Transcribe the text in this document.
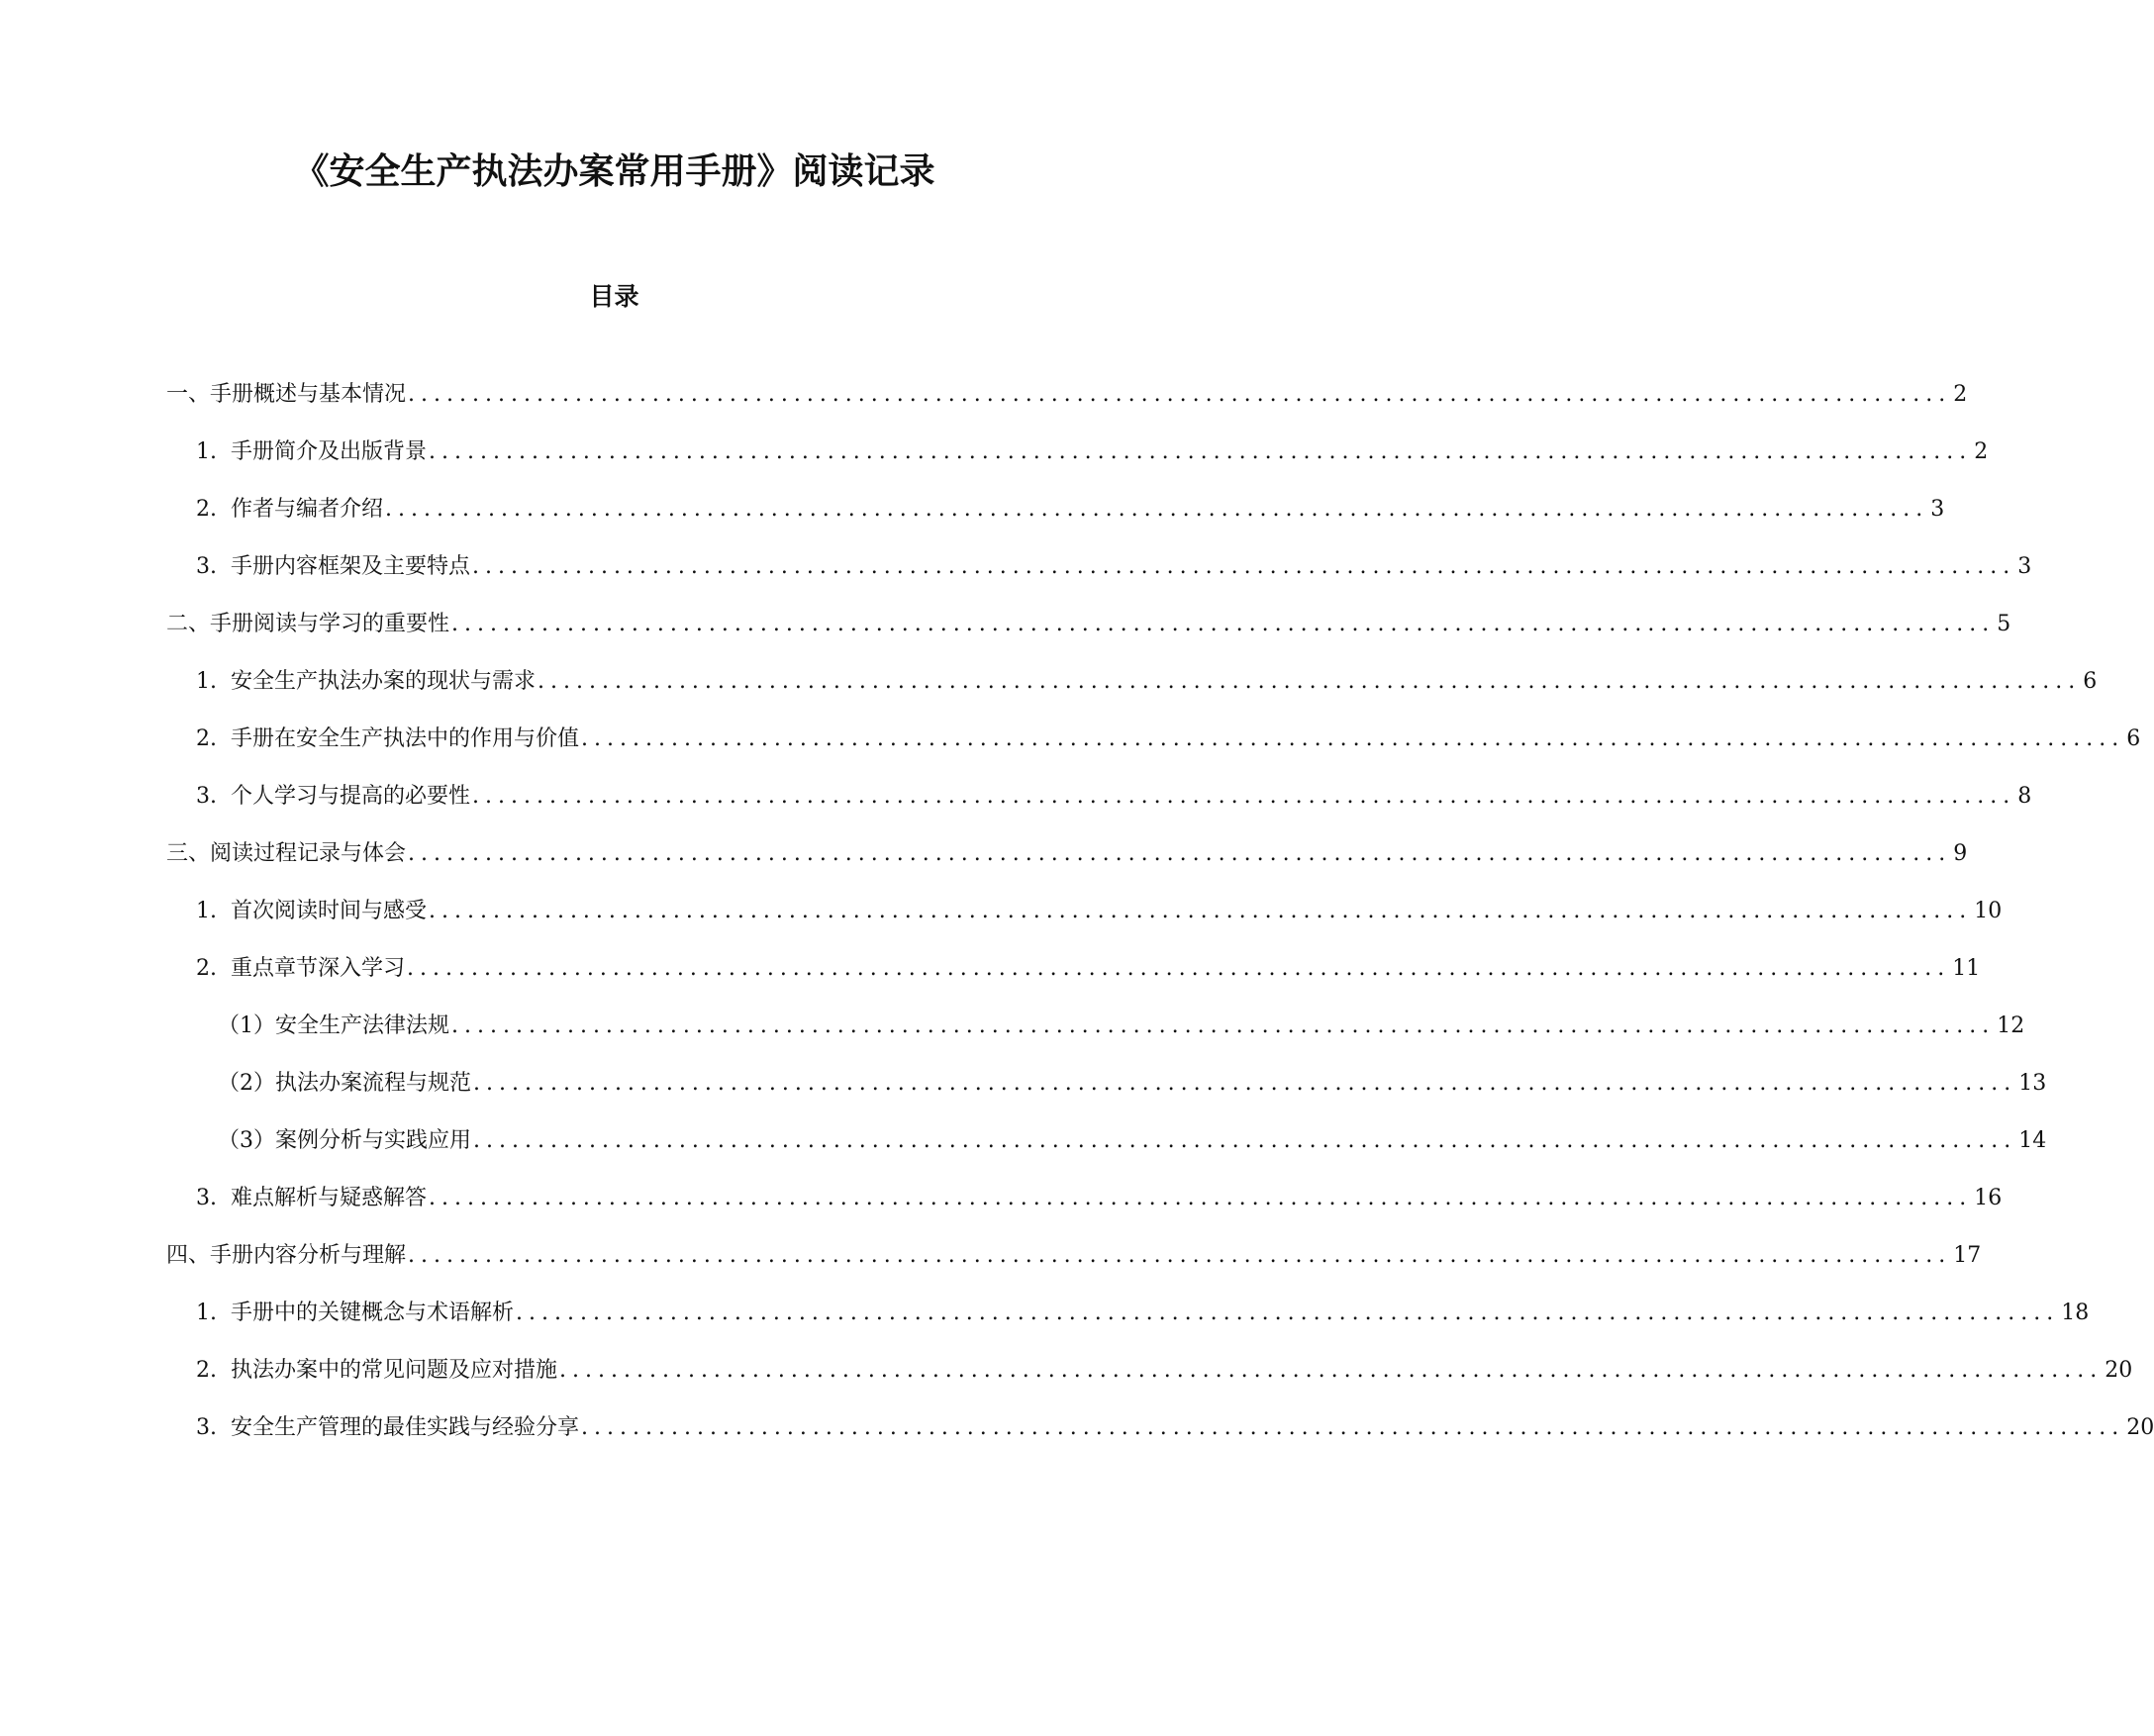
《安全生产执法办案常用手册》阅读记录
目录
一、 手册概述与基本情况 ........................................................................................................................ 2
1. 手册简介及出版背景 ........................................................................................................................ 2
2. 作者与编者介绍 ........................................................................................................................ 3
3. 手册内容框架及主要特点 ........................................................................................................................ 3
二、 手册阅读与学习的重要性 ........................................................................................................................ 5
1. 安全生产执法办案的现状与需求 ........................................................................................................................ 6
2. 手册在安全生产执法中的作用与价值 ........................................................................................................................ 6
3. 个人学习与提高的必要性 ........................................................................................................................ 8
三、 阅读过程记录与体会 ........................................................................................................................ 9
1. 首次阅读时间与感受 ........................................................................................................................ 10
2. 重点章节深入学习 ........................................................................................................................ 11
（1） 安全生产法律法规 ........................................................................................................................ 12
（2） 执法办案流程与规范 ........................................................................................................................ 13
（3） 案例分析与实践应用 ........................................................................................................................ 14
3. 难点解析与疑惑解答 ........................................................................................................................ 16
四、 手册内容分析与理解 ........................................................................................................................ 17
1. 手册中的关键概念与术语解析 ........................................................................................................................ 18
2. 执法办案中的常见问题及应对措施 ........................................................................................................................ 20
3. 安全生产管理的最佳实践与经验分享 ........................................................................................................................ 20
